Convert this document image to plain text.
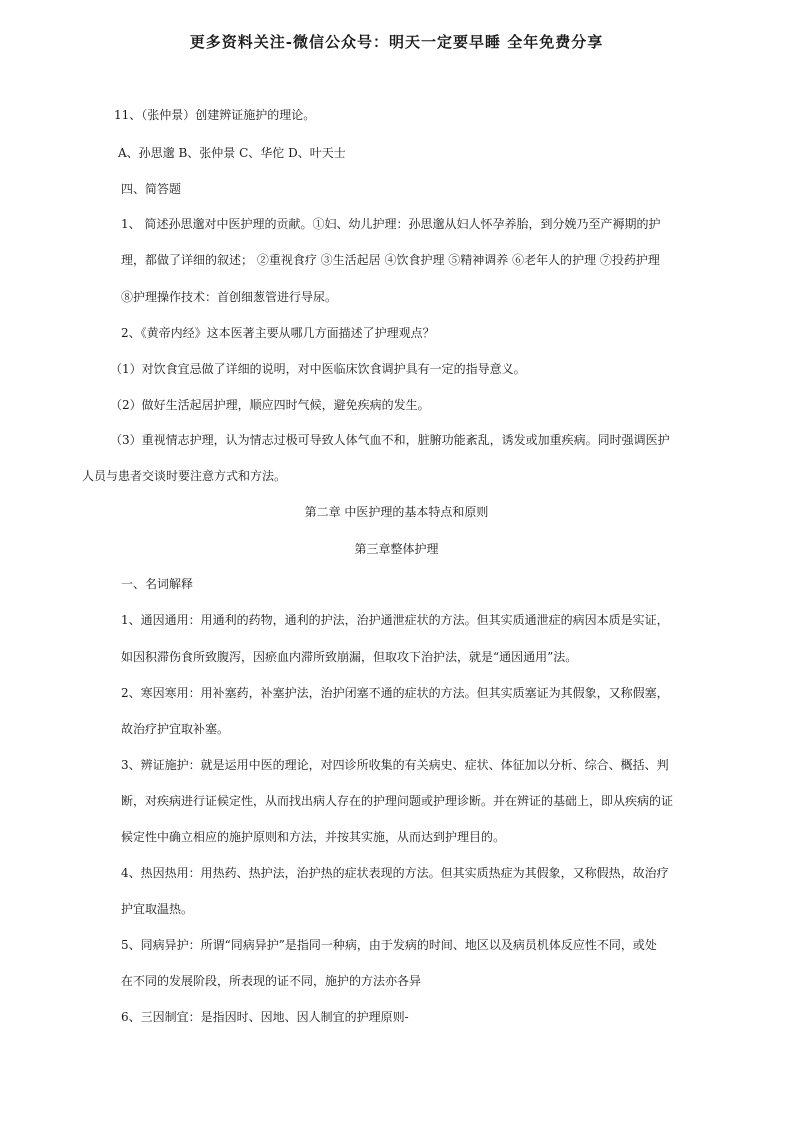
更多资料关注-微信公众号：明天一定要早睡 全年免费分享
11、（张仲景）创建辨证施护的理论。
A、孙思邈 B、张仲景 C、华佗 D、叶天士
四、简答题
1、 简述孙思邈对中医护理的贡献。①妇、幼儿护理：孙思邈从妇人怀孕养胎，到分娩乃至产褥期的护
理，都做了详细的叙述； ②重视食疗 ③生活起居 ④饮食护理 ⑤精神调养 ⑥老年人的护理 ⑦投药护理
⑧护理操作技术：首创细葱管进行导尿。
2、《黄帝内经》这本医著主要从哪几方面描述了护理观点？
（1）对饮食宜忌做了详细的说明，对中医临床饮食调护具有一定的指导意义。
（2）做好生活起居护理，顺应四时气候，避免疾病的发生。
（3）重视情志护理，认为情志过极可导致人体气血不和，脏腑功能紊乱，诱发或加重疾病。同时强调医护
人员与患者交谈时要注意方式和方法。
第二章 中医护理的基本特点和原则
第三章整体护理
一、名词解释
1、通因通用：用通利的药物，通利的护法，治护通泄症状的方法。但其实质通泄症的病因本质是实证，
如因积滞伤食所致腹泻，因瘀血内滞所致崩漏，但取攻下治护法，就是“通因通用”法。
2、寒因寒用：用补塞药，补塞护法，治护闭塞不通的症状的方法。但其实质塞证为其假象，又称假塞，
故治疗护宜取补塞。
3、辨证施护：就是运用中医的理论，对四诊所收集的有关病史、症状、体征加以分析、综合、概括、判
断，对疾病进行证候定性，从而找出病人存在的护理问题或护理诊断。并在辨证的基础上，即从疾病的证
候定性中确立相应的施护原则和方法，并按其实施，从而达到护理目的。
4、热因热用：用热药、热护法，治护热的症状表现的方法。但其实质热症为其假象，又称假热，故治疗
护宜取温热。
5、同病异护：所谓“同病异护”是指同一种病，由于发病的时间、地区以及病员机体反应性不同，或处
在不同的发展阶段，所表现的证不同，施护的方法亦各异
6、三因制宜：是指因时、因地、因人制宜的护理原则-
